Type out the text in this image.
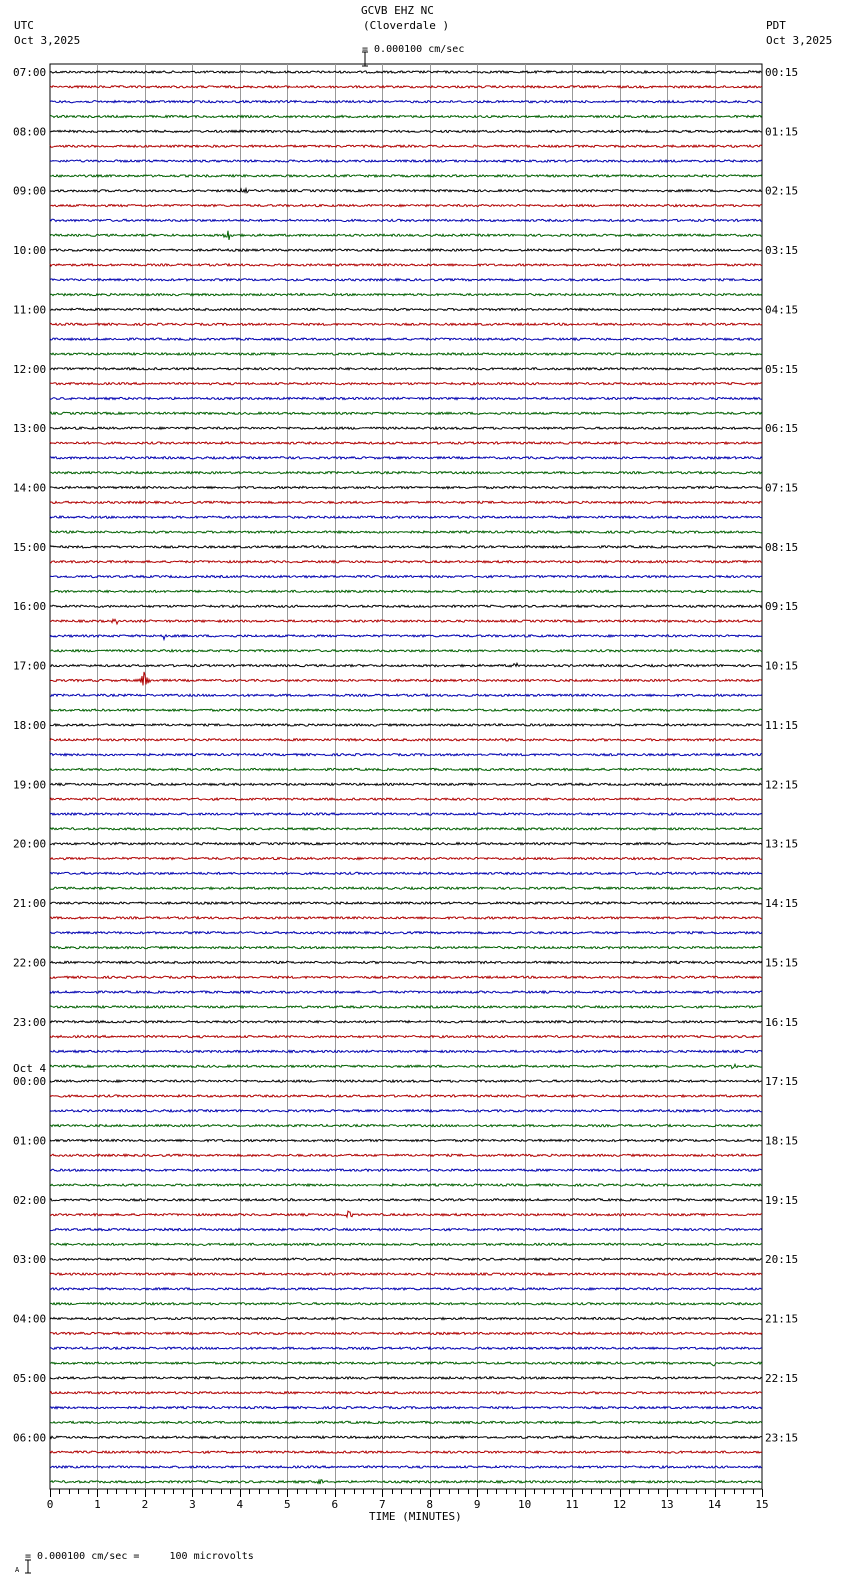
GCVB EHZ NC
(Cloverdale )
UTC
Oct 3,2025
PDT
Oct 3,2025

= 0.000100 cm/sec
07:00	00:15
08:00	01:15
09:00	02:15
10:00	03:15
11:00	04:15
12:00	05:15
13:00	06:15
14:00	07:15
15:00	08:15
16:00	09:15
17:00	10:15
18:00	11:15
19:00	12:15
20:00	13:15
21:00	14:15
22:00	15:15
23:00	16:15
00:00	17:15
Oct 4
01:00	18:15
02:00	19:15
03:00	20:15
04:00	21:15
05:00	22:15
06:00	23:15
0	1	2	3	4	5	6	7	8	9	10	11	12	13	14	15
TIME (MINUTES)

A

= 0.000100 cm/sec =     100 microvolts
